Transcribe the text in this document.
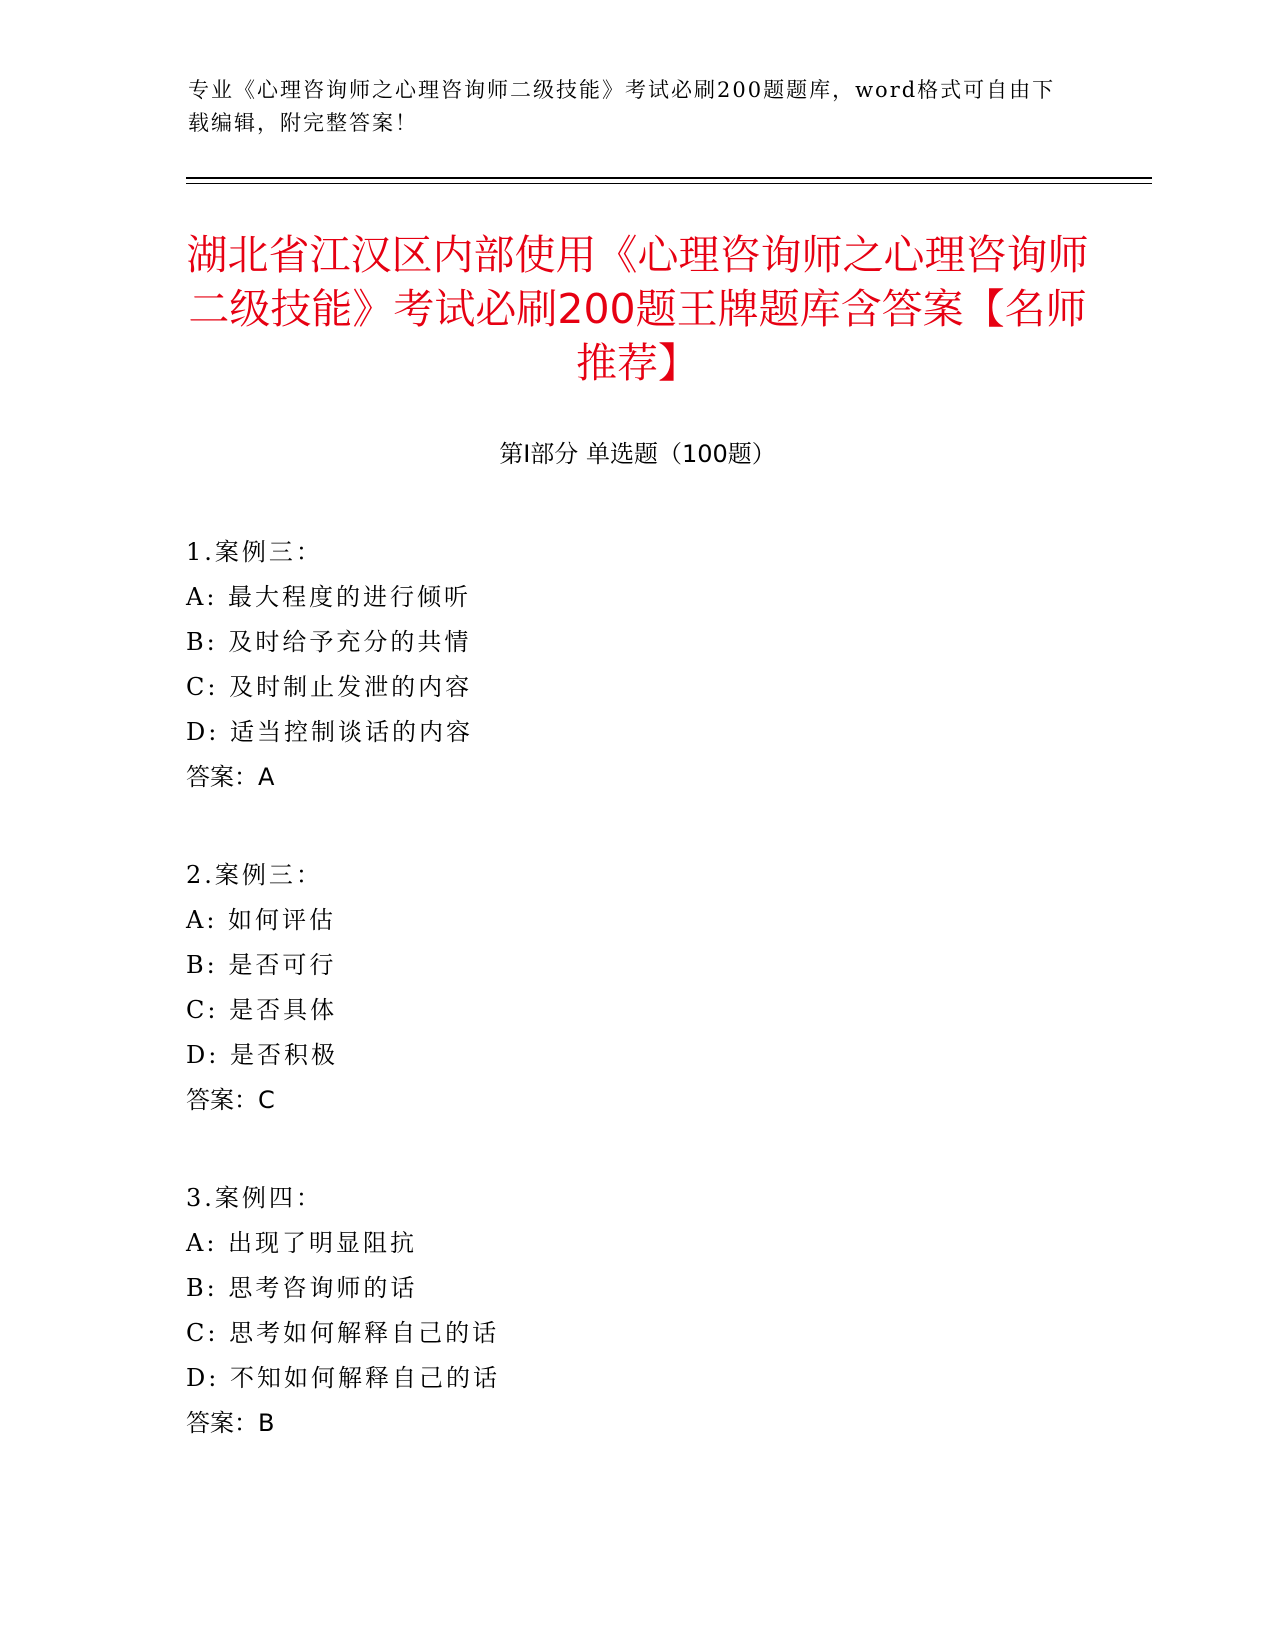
专业《心理咨询师之心理咨询师二级技能》考试必刷200题题库，word格式可自由下载编辑，附完整答案！
湖北省江汉区内部使用《心理咨询师之心理咨询师二级技能》考试必刷200题王牌题库含答案【名师推荐】
第Ⅰ部分 单选题（100题）
1.案例三：
A: 最大程度的进行倾听
B: 及时给予充分的共情
C: 及时制止发泄的内容
D: 适当控制谈话的内容
答案：A
2.案例三：
A: 如何评估
B: 是否可行
C: 是否具体
D: 是否积极
答案：C
3.案例四：
A: 出现了明显阻抗
B: 思考咨询师的话
C: 思考如何解释自己的话
D: 不知如何解释自己的话
答案：B
